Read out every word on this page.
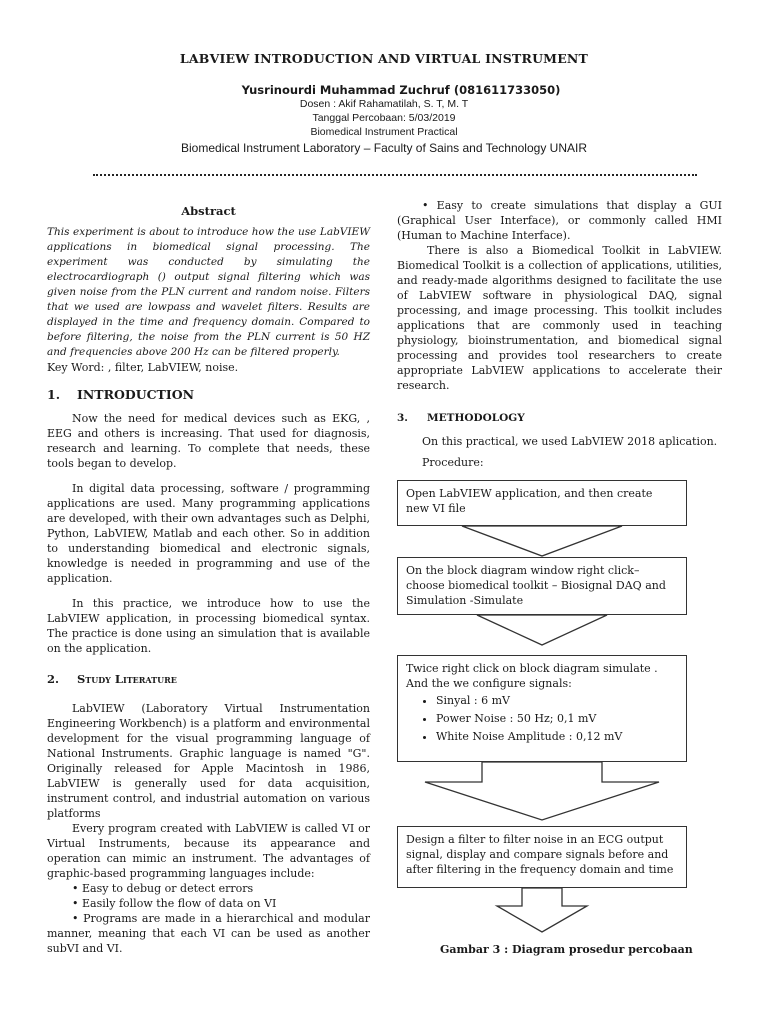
LABVIEW INTRODUCTION AND VIRTUAL INSTRUMENT
Yusrinourdi Muhammad Zuchruf (081611733050)
Dosen : Akif Rahamatilah, S. T, M. T
Tanggal Percobaan: 5/03/2019
Biomedical Instrument Practical
Biomedical Instrument Laboratory – Faculty of Sains and Technology UNAIR
Abstract

This experiment is about to introduce how the use LabVIEW applications in biomedical signal processing. The experiment was conducted by simulating the electrocardiograph () output signal filtering which was given noise from the PLN current and random noise. Filters that we used are lowpass and wavelet filters. Results are displayed in the time and frequency domain. Compared to before filtering, the noise from the PLN current is 50 HZ and frequencies above 200 Hz can be filtered properly.

Key Word: , filter, LabVIEW, noise.

1.	INTRODUCTION

Now the need for medical devices such as EKG, , EEG and others is increasing. That used for diagnosis, research and learning. To complete that needs, these tools began to develop.

In digital data processing, software / programming applications are used. Many programming applications are developed, with their own advantages such as Delphi, Python, LabVIEW, Matlab and each other. So in addition to understanding biomedical and electronic signals, knowledge is needed in programming and use of the application.

In this practice, we introduce how to use the LabVIEW application, in processing biomedical syntax. The practice is done using an simulation that is available on the application.

2.	Study Literature

LabVIEW (Laboratory Virtual Instrumentation Engineering Workbench) is a platform and environmental development for the visual programming language of National Instruments. Graphic language is named "G". Originally released for Apple Macintosh in 1986, LabVIEW is generally used for data acquisition, instrument control, and industrial automation on various platforms

Every program created with LabVIEW is called VI or Virtual Instruments, because its appearance and operation can mimic an instrument. The advantages of graphic-based programming languages include:

• Easy to debug or detect errors

• Easily follow the flow of data on VI

• Programs are made in a hierarchical and modular manner, meaning that each VI can be used as another subVI and VI.

• Easy to create simulations that display a GUI (Graphical User Interface), or commonly called HMI (Human to Machine Interface).

There is also a Biomedical Toolkit in LabVIEW. Biomedical Toolkit is a collection of applications, utilities, and ready-made algorithms designed to facilitate the use of LabVIEW software in physiological DAQ, signal processing, and image processing. This toolkit includes applications that are commonly used in teaching physiology, bioinstrumentation, and biomedical signal processing and provides tool researchers to create appropriate LabVIEW applications to accelerate their research.

3.	METHODOLOGY

On this practical, we used LabVIEW 2018 aplication.

Procedure:

Open LabVIEW application, and then create new VI file
On the block diagram window right click– choose biomedical toolkit – Biosignal DAQ and Simulation -Simulate
Twice right click on block diagram simulate . And the we configure signals:
• Sinyal : 6 mV
• Power Noise : 50 Hz; 0,1 mV
• White Noise Amplitude : 0,12 mV
Design a filter to filter noise in an ECG output signal, display and compare signals before and after filtering in the frequency domain and time
Gambar 3 : Diagram prosedur percobaan
